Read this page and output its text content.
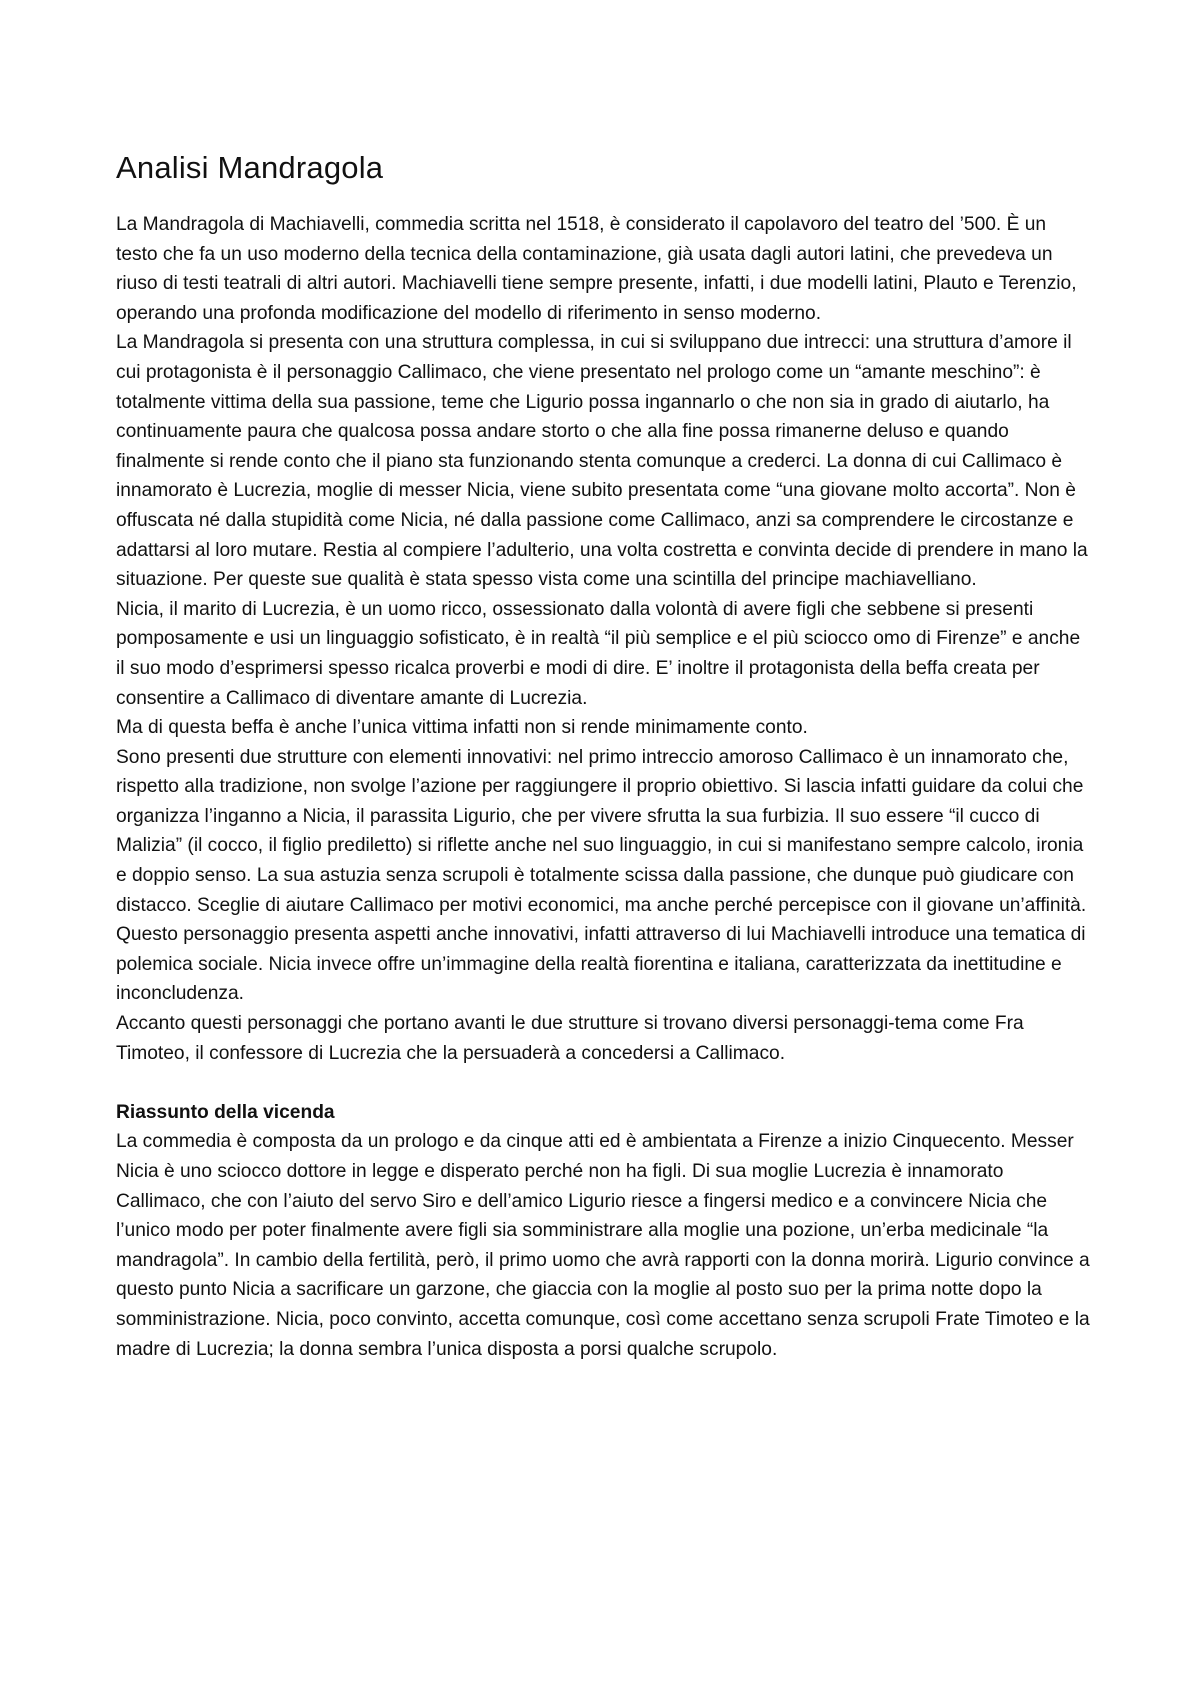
Analisi Mandragola

La Mandragola di Machiavelli, commedia scritta nel 1518, è considerato il capolavoro del teatro del ’500. È un testo che fa un uso moderno della tecnica della contaminazione, già usata dagli autori latini, che prevedeva un riuso di testi teatrali di altri autori. Machiavelli tiene sempre presente, infatti, i due modelli latini, Plauto e Terenzio, operando una profonda modificazione del modello di riferimento in senso moderno.

La Mandragola si presenta con una struttura complessa, in cui si sviluppano due intrecci: una struttura d’amore il cui protagonista è il personaggio Callimaco, che viene presentato nel prologo come un “amante meschino”: è totalmente vittima della sua passione, teme che Ligurio possa ingannarlo o che non sia in grado di aiutarlo, ha continuamente paura che qualcosa possa andare storto o che alla fine possa rimanerne deluso e quando finalmente si rende conto che il piano sta funzionando stenta comunque a crederci. La donna di cui Callimaco è innamorato è Lucrezia, moglie di messer Nicia, viene subito presentata come “una giovane molto accorta”. Non è offuscata né dalla stupidità come Nicia, né dalla passione come Callimaco, anzi sa comprendere le circostanze e adattarsi al loro mutare. Restia al compiere l’adulterio, una volta costretta e convinta decide di prendere in mano la situazione. Per queste sue qualità è stata spesso vista come una scintilla del principe machiavelliano.

Nicia, il marito di Lucrezia, è un uomo ricco, ossessionato dalla volontà di avere figli che sebbene si presenti pomposamente e usi un linguaggio sofisticato, è in realtà “il più semplice e el più sciocco omo di Firenze” e anche il suo modo d’esprimersi spesso ricalca proverbi e modi di dire. E’ inoltre il protagonista della beffa creata per consentire a Callimaco di diventare amante di Lucrezia.

Ma di questa beffa è anche l’unica vittima infatti non si rende minimamente conto.

Sono presenti due strutture con elementi innovativi: nel primo intreccio amoroso Callimaco è un innamorato che, rispetto alla tradizione, non svolge l’azione per raggiungere il proprio obiettivo. Si lascia infatti guidare da colui che organizza l’inganno a Nicia, il parassita Ligurio, che per vivere sfrutta la sua furbizia. Il suo essere “il cucco di Malizia” (il cocco, il figlio prediletto) si riflette anche nel suo linguaggio, in cui si manifestano sempre calcolo, ironia e doppio senso. La sua astuzia senza scrupoli è totalmente scissa dalla passione, che dunque può giudicare con distacco. Sceglie di aiutare Callimaco per motivi economici, ma anche perché percepisce con il giovane un’affinità. Questo personaggio presenta aspetti anche innovativi, infatti attraverso di lui Machiavelli introduce una tematica di polemica sociale. Nicia invece offre un’immagine della realtà fiorentina e italiana, caratterizzata da inettitudine e inconcludenza.

Accanto questi personaggi che portano avanti le due strutture si trovano diversi personaggi-tema come Fra Timoteo, il confessore di Lucrezia che la persuaderà a concedersi a Callimaco.

Riassunto della vicenda

La commedia è composta da un prologo e da cinque atti ed è ambientata a Firenze a inizio Cinquecento. Messer Nicia è uno sciocco dottore in legge e disperato perché non ha figli. Di sua moglie Lucrezia è innamorato Callimaco, che con l’aiuto del servo Siro e dell’amico Ligurio riesce a fingersi medico e a convincere Nicia che l’unico modo per poter finalmente avere figli sia somministrare alla moglie una pozione, un’erba medicinale “la mandragola”. In cambio della fertilità, però, il primo uomo che avrà rapporti con la donna morirà. Ligurio convince a questo punto Nicia a sacrificare un garzone, che giaccia con la moglie al posto suo per la prima notte dopo la somministrazione. Nicia, poco convinto, accetta comunque, così come accettano senza scrupoli Frate Timoteo e la madre di Lucrezia; la donna sembra l’unica disposta a porsi qualche scrupolo.
